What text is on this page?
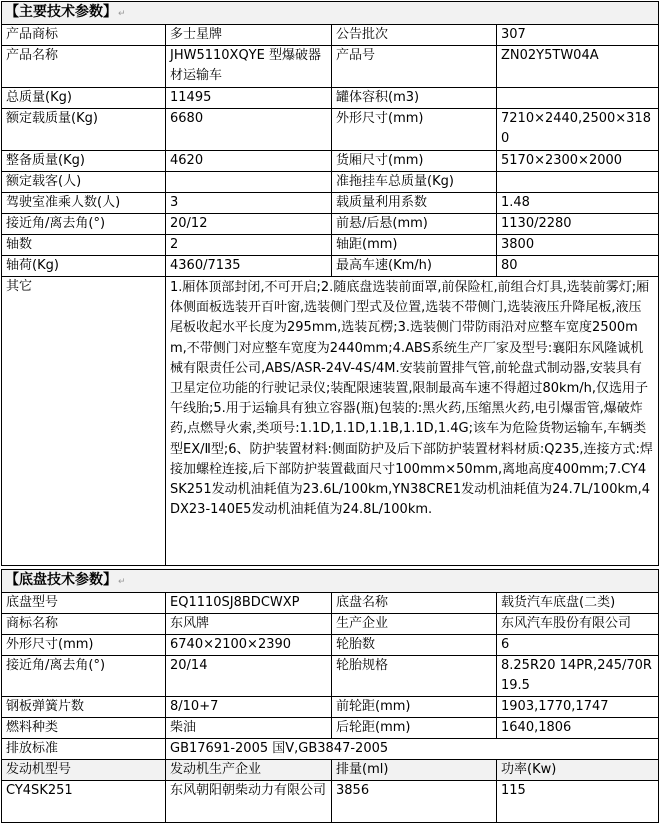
【主要技术参数】↵			
产品商标	多士星牌	公告批次	307
产品名称	JHW5110XQYE 型爆破器材运输车	产品号	ZN02Y5TW04A
总质量(Kg)	11495	罐体容积(m3)	
额定载质量(Kg)	6680	外形尺寸(mm)	7210×2440,2500×3180
整备质量(Kg)	4620	货厢尺寸(mm)	5170×2300×2000
额定载客(人)		准拖挂车总质量(Kg)	
驾驶室准乘人数(人)	3	载质量利用系数	1.48
接近角/离去角(°)	20/12	前悬/后悬(mm)	1130/2280
轴数	2	轴距(mm)	3800
轴荷(Kg)	4360/7135	最高车速(Km/h)	80
其它	1.厢体顶部封闭,不可开启;2.随底盘选装前面罩,前保险杠,前组合灯具,选装前雾灯;厢体侧面板选装开百叶窗,选装侧门型式及位置,选装不带侧门,选装液压升降尾板,液压尾板收起水平长度为295mm,选装瓦楞;3.选装侧门带防雨沿对应整车宽度2500mm,不带侧门对应整车宽度为2440mm;4.ABS系统生产厂家及型号:襄阳东风隆诚机械有限责任公司,ABS/ASR-24V-4S/4M.安装前置排气管,前轮盘式制动器,安装具有卫星定位功能的行驶记录仪;装配限速装置,限制最高车速不得超过80km/h,仅选用子午线胎;5.用于运输具有独立容器(瓶)包装的:黑火药,压缩黑火药,电引爆雷管,爆破炸药,点燃导火索,类项号:1.1D,1.1D,1.1B,1.1D,1.4G;该车为危险货物运输车,车辆类型EX/Ⅱ型;6、防护装置材料:侧面防护及后下部防护装置材料材质:Q235,连接方式:焊接加螺栓连接,后下部防护装置截面尺寸100mm×50mm,离地高度400mm;7.CY4SK251发动机油耗值为23.6L/100km,YN38CRE1发动机油耗值为24.7L/100km,4DX23-140E5发动机油耗值为24.8L/100km.		
【底盘技术参数】↵			
底盘型号	EQ1110SJ8BDCWXP	底盘名称	载货汽车底盘(二类)
商标名称	东风牌	生产企业	东风汽车股份有限公司
外形尺寸(mm)	6740×2100×2390	轮胎数	6
接近角/离去角(°)	20/14	轮胎规格	8.25R20 14PR,245/70R19.5
钢板弹簧片数	8/10+7	前轮距(mm)	1903,1770,1747
燃料种类	柴油	后轮距(mm)	1640,1806
排放标准	GB17691-2005 国Ⅴ,GB3847-2005		
发动机型号	发动机生产企业	排量(ml)	功率(Kw)
CY4SK251	东风朝阳朝柴动力有限公司	3856	115
